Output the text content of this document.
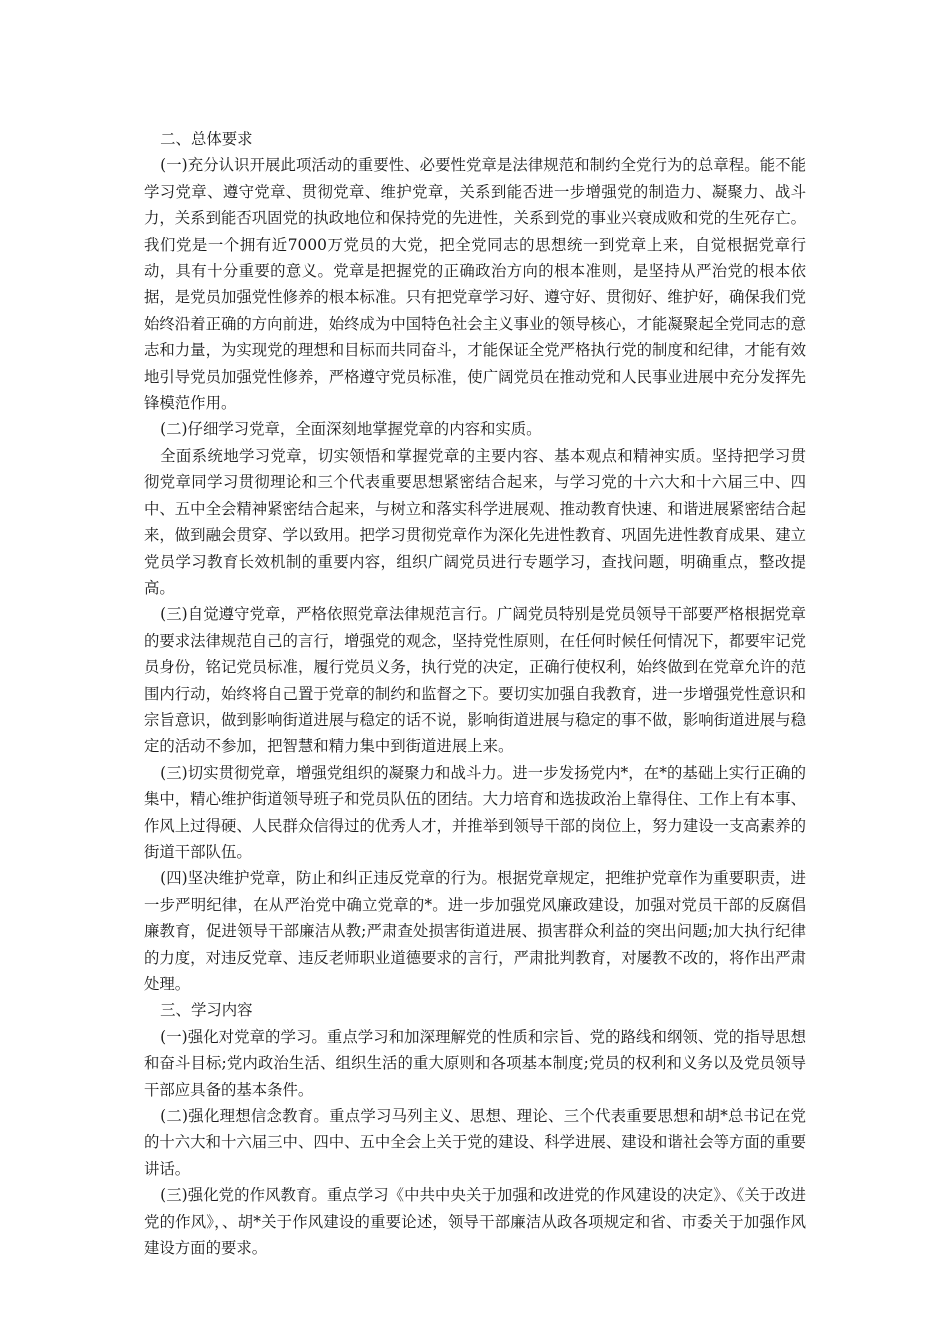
二、总体要求

(一)充分认识开展此项活动的重要性、必要性党章是法律规范和制约全党行为的总章程。能不能学习党章、遵守党章、贯彻党章、维护党章，关系到能否进一步增强党的制造力、凝聚力、战斗力，关系到能否巩固党的执政地位和保持党的先进性，关系到党的事业兴衰成败和党的生死存亡。我们党是一个拥有近7000万党员的大党，把全党同志的思想统一到党章上来，自觉根据党章行动，具有十分重要的意义。党章是把握党的正确政治方向的根本准则，是坚持从严治党的根本依据，是党员加强党性修养的根本标准。只有把党章学习好、遵守好、贯彻好、维护好，确保我们党始终沿着正确的方向前进，始终成为中国特色社会主义事业的领导核心，才能凝聚起全党同志的意志和力量，为实现党的理想和目标而共同奋斗，才能保证全党严格执行党的制度和纪律，才能有效地引导党员加强党性修养，严格遵守党员标准，使广阔党员在推动党和人民事业进展中充分发挥先锋模范作用。

(二)仔细学习党章，全面深刻地掌握党章的内容和实质。

全面系统地学习党章，切实领悟和掌握党章的主要内容、基本观点和精神实质。坚持把学习贯彻党章同学习贯彻理论和三个代表重要思想紧密结合起来，与学习党的十六大和十六届三中、四中、五中全会精神紧密结合起来，与树立和落实科学进展观、推动教育快速、和谐进展紧密结合起来，做到融会贯穿、学以致用。把学习贯彻党章作为深化先进性教育、巩固先进性教育成果、建立党员学习教育长效机制的重要内容，组织广阔党员进行专题学习，查找问题，明确重点，整改提高。

(三)自觉遵守党章，严格依照党章法律规范言行。广阔党员特别是党员领导干部要严格根据党章的要求法律规范自己的言行，增强党的观念，坚持党性原则，在任何时候任何情况下，都要牢记党员身份，铭记党员标准，履行党员义务，执行党的决定，正确行使权利，始终做到在党章允许的范围内行动，始终将自己置于党章的制约和监督之下。要切实加强自我教育，进一步增强党性意识和宗旨意识，做到影响街道进展与稳定的话不说，影响街道进展与稳定的事不做，影响街道进展与稳定的活动不参加，把智慧和精力集中到街道进展上来。

(三)切实贯彻党章，增强党组织的凝聚力和战斗力。进一步发扬党内*，在*的基础上实行正确的集中，精心维护街道领导班子和党员队伍的团结。大力培育和选拔政治上靠得住、工作上有本事、作风上过得硬、人民群众信得过的优秀人才，并推举到领导干部的岗位上，努力建设一支高素养的街道干部队伍。

(四)坚决维护党章，防止和纠正违反党章的行为。根据党章规定，把维护党章作为重要职责，进一步严明纪律，在从严治党中确立党章的*。进一步加强党风廉政建设，加强对党员干部的反腐倡廉教育，促进领导干部廉洁从教;严肃查处损害街道进展、损害群众利益的突出问题;加大执行纪律的力度，对违反党章、违反老师职业道德要求的言行，严肃批判教育，对屡教不改的，将作出严肃处理。

三、学习内容

(一)强化对党章的学习。重点学习和加深理解党的性质和宗旨、党的路线和纲领、党的指导思想和奋斗目标;党内政治生活、组织生活的重大原则和各项基本制度;党员的权利和义务以及党员领导干部应具备的基本条件。

(二)强化理想信念教育。重点学习马列主义、思想、理论、三个代表重要思想和胡*总书记在党的十六大和十六届三中、四中、五中全会上关于党的建设、科学进展、建设和谐社会等方面的重要讲话。

(三)强化党的作风教育。重点学习《中共中央关于加强和改进党的作风建设的决定》、《关于改进党的作风》，、胡*关于作风建设的重要论述，领导干部廉洁从政各项规定和省、市委关于加强作风建设方面的要求。
